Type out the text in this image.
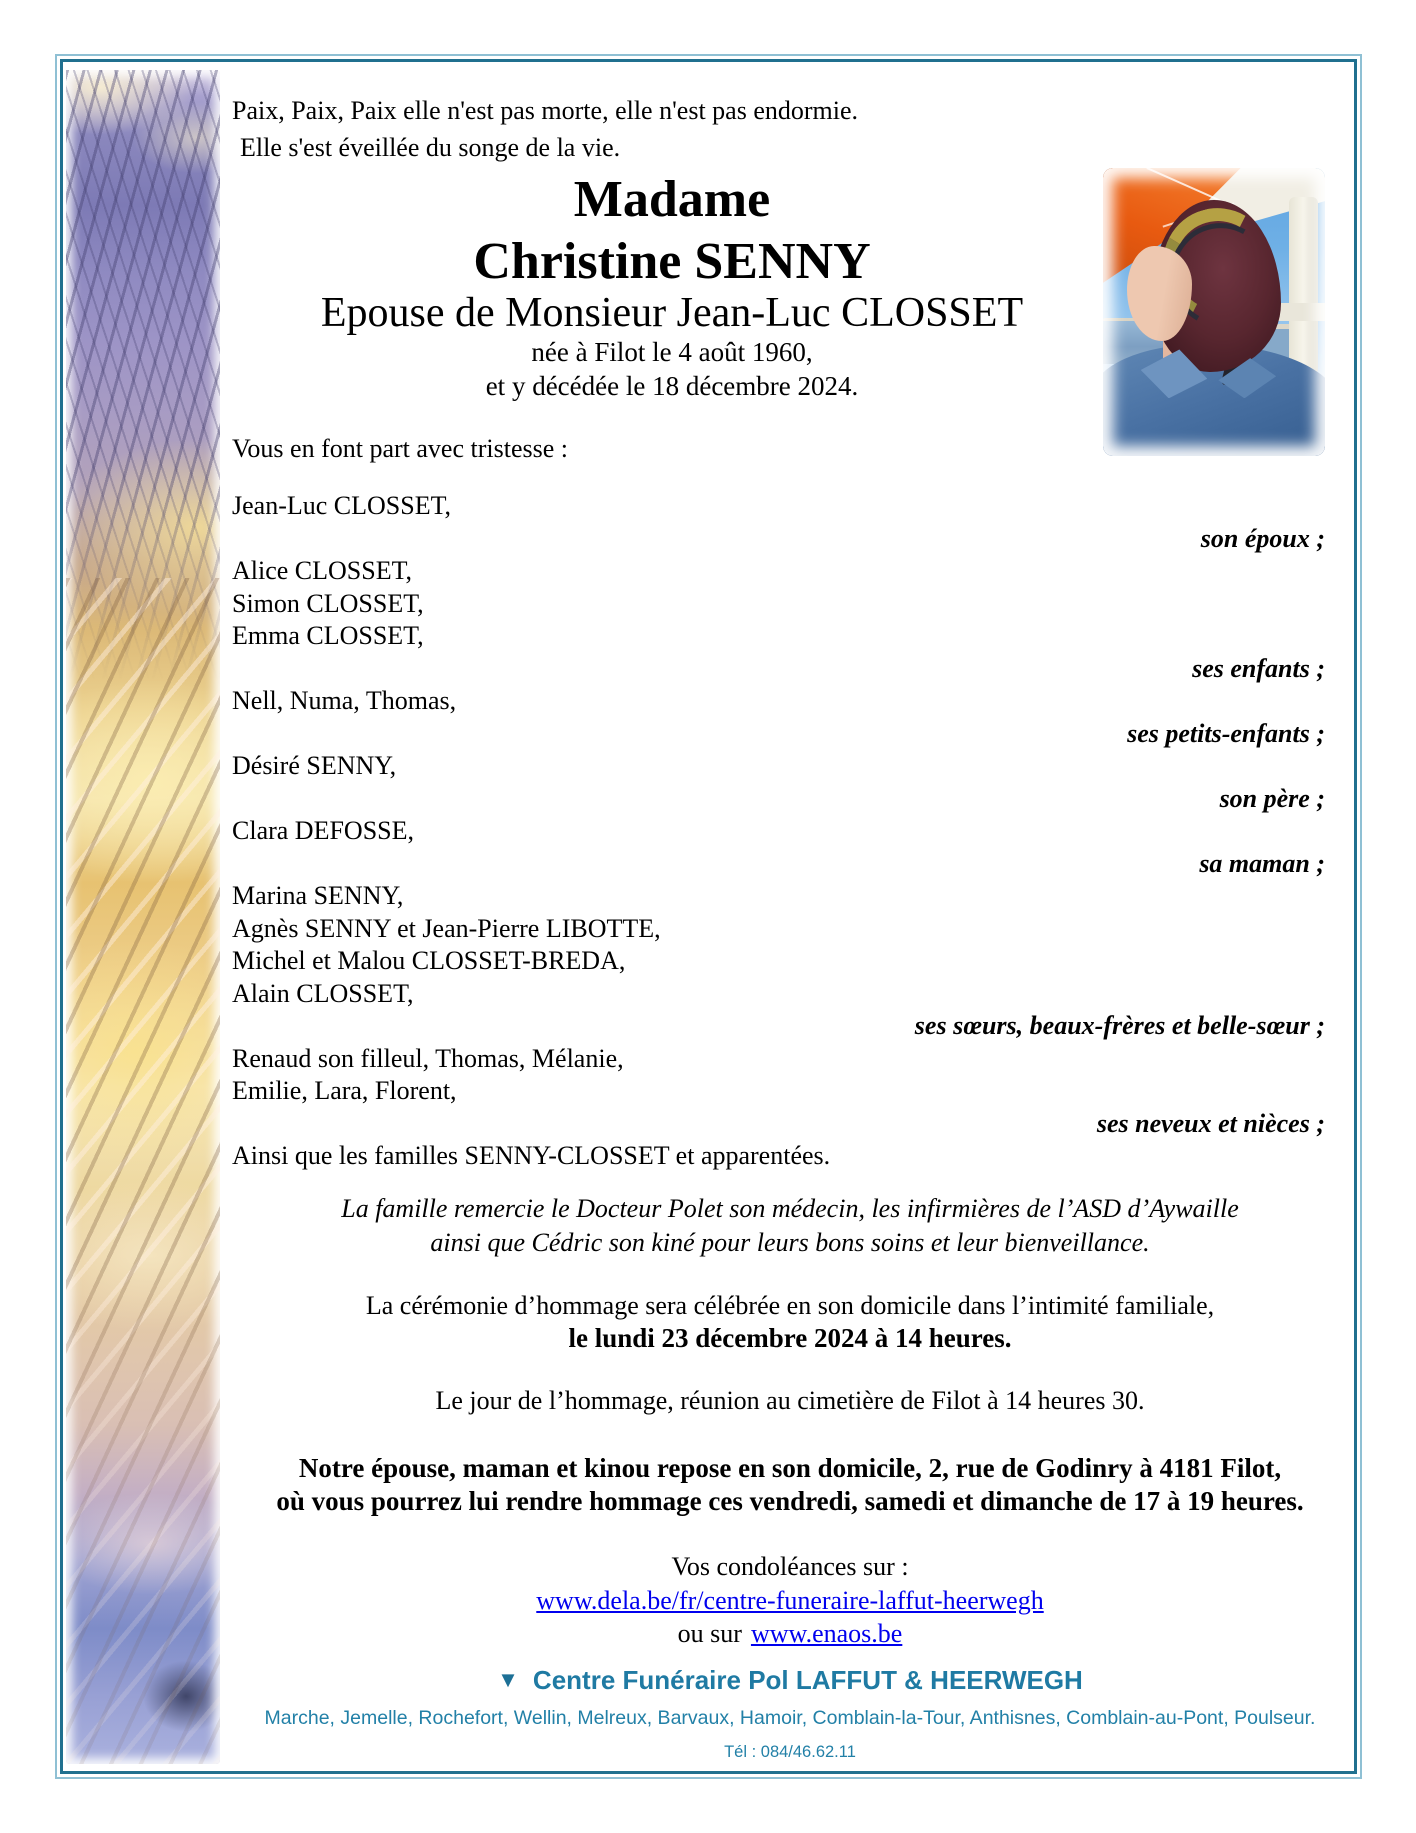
Paix, Paix, Paix elle n'est pas morte, elle n'est pas endormie.
Elle s'est éveillée du songe de la vie.
Madame
Christine SENNY
Epouse de Monsieur Jean-Luc CLOSSET
née à Filot le 4 août 1960,
et y décédée le 18 décembre 2024.
Vous en font part avec tristesse :
Jean-Luc CLOSSET,
son époux ;
Alice CLOSSET,
Simon CLOSSET,
Emma CLOSSET,
ses enfants ;
Nell, Numa, Thomas,
ses petits-enfants ;
Désiré SENNY,
son père ;
Clara DEFOSSE,
sa maman ;
Marina SENNY,
Agnès SENNY et Jean-Pierre LIBOTTE,
Michel et Malou CLOSSET-BREDA,
Alain CLOSSET,
ses sœurs, beaux-frères et belle-sœur ;
Renaud son filleul, Thomas, Mélanie,
Emilie, Lara, Florent,
ses neveux et nièces ;
Ainsi que les familles SENNY-CLOSSET et apparentées.
La famille remercie le Docteur Polet son médecin, les infirmières de l’ASD d’Aywaille
ainsi que Cédric son kiné pour leurs bons soins et leur bienveillance.
La cérémonie d’hommage sera célébrée en son domicile dans l’intimité familiale,
le lundi 23 décembre 2024 à 14 heures.
Le jour de l’hommage, réunion au cimetière de Filot à 14 heures 30.
Notre épouse, maman et kinou repose en son domicile, 2, rue de Godinry à 4181 Filot,
où vous pourrez lui rendre hommage ces vendredi, samedi et dimanche de 17 à 19 heures.
Vos condoléances sur :
www.dela.be/fr/centre-funeraire-laffut-heerwegh
ou sur www.enaos.be
▼ Centre Funéraire Pol LAFFUT & HEERWEGH
Marche, Jemelle, Rochefort, Wellin, Melreux, Barvaux, Hamoir, Comblain-la-Tour, Anthisnes, Comblain-au-Pont, Poulseur.
Tél : 084/46.62.11
